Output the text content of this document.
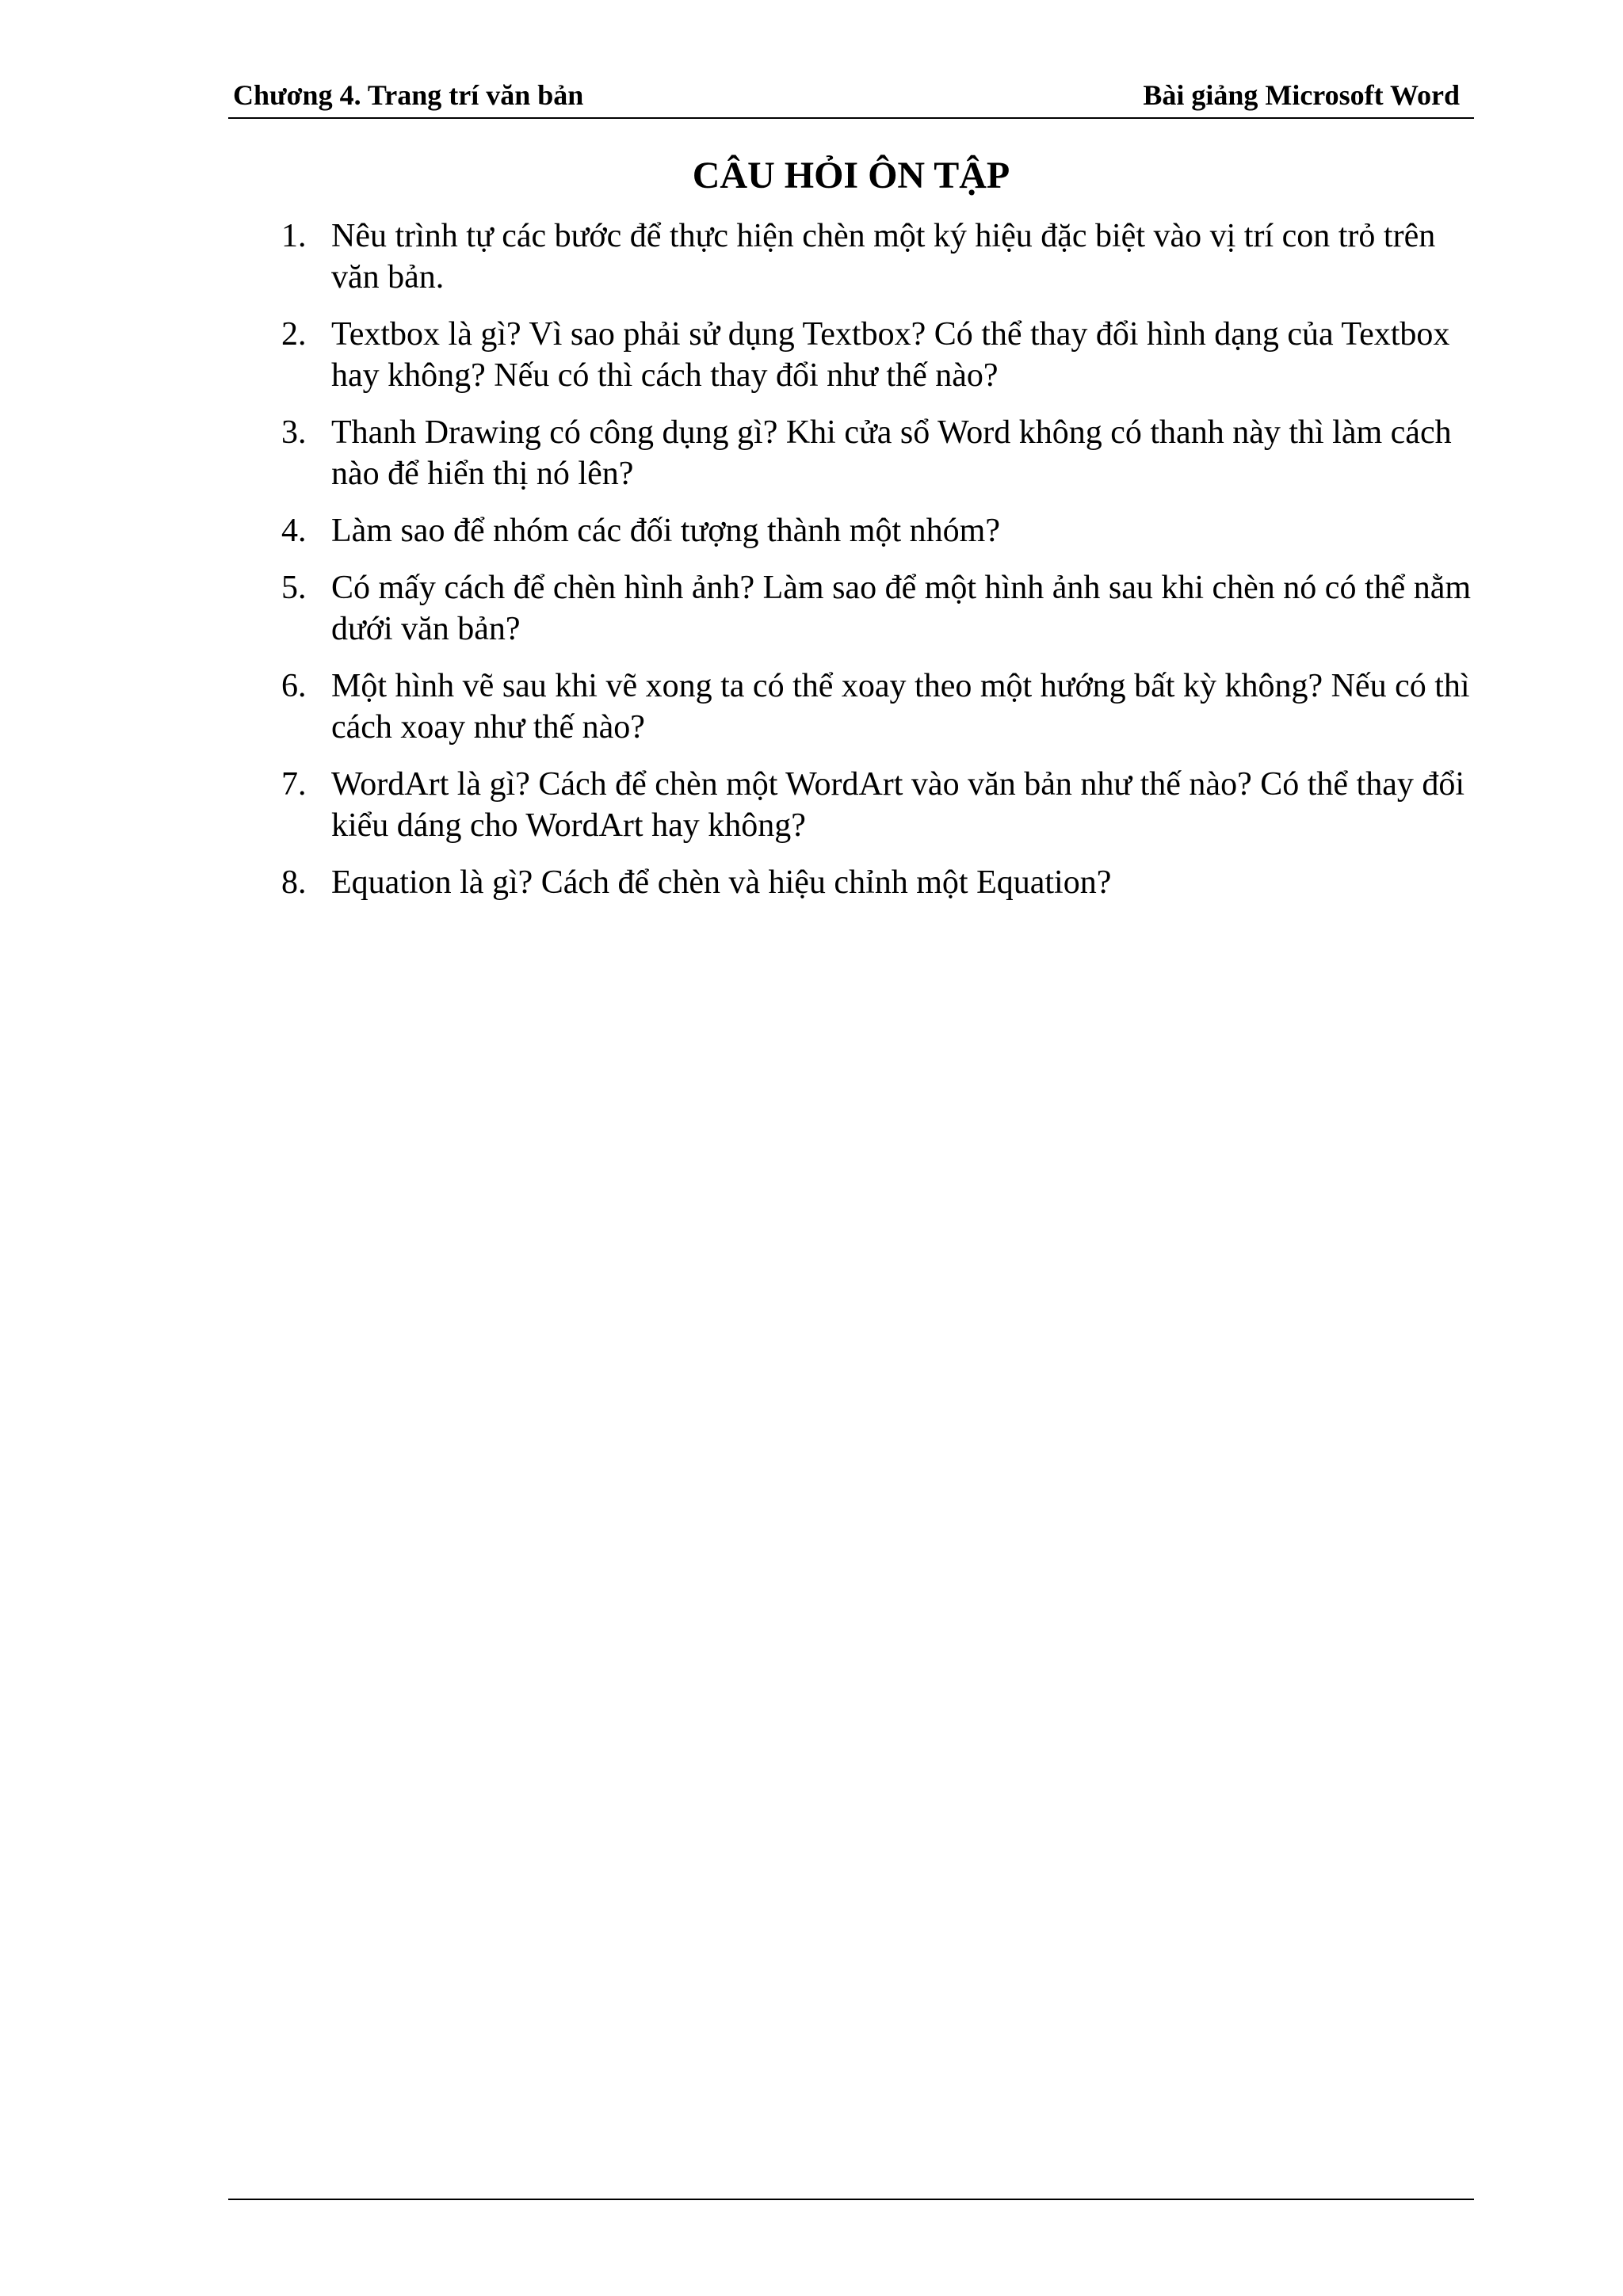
Chương 4. Trang trí văn bản	Bài giảng Microsoft Word
CÂU HỎI ÔN TẬP
1. Nêu trình tự các bước để thực hiện chèn một ký hiệu đặc biệt vào vị trí con trỏ trên văn bản.
2. Textbox là gì? Vì sao phải sử dụng Textbox? Có thể thay đổi hình dạng của Textbox hay không? Nếu có thì cách thay đổi như thế nào?
3. Thanh Drawing có công dụng gì? Khi cửa sổ Word không có thanh này thì làm cách nào để hiển thị nó lên?
4. Làm sao để nhóm các đối tượng thành một nhóm?
5. Có mấy cách để chèn hình ảnh? Làm sao để một hình ảnh sau khi chèn nó có thể nằm dưới văn bản?
6. Một hình vẽ sau khi vẽ xong ta có thể xoay theo một hướng bất kỳ không? Nếu có thì cách xoay như thế nào?
7. WordArt là gì? Cách để chèn một WordArt vào văn bản như thế nào? Có thể thay đổi kiểu dáng cho WordArt hay không?
8. Equation là gì? Cách để chèn và hiệu chỉnh một Equation?
